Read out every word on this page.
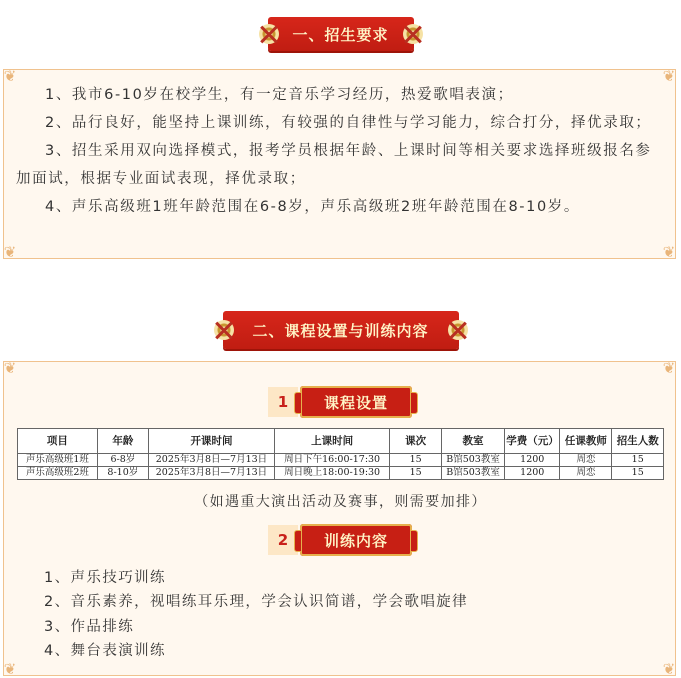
一、招生要求
❦	❦
❦	❦

1、我市6-10岁在校学生，有一定音乐学习经历，热爱歌唱表演；

2、品行良好，能坚持上课训练，有较强的自律性与学习能力，综合打分，择优录取；

3、招生采用双向选择模式，报考学员根据年龄、上课时间等相关要求选择班级报名参加面试，根据专业面试表现，择优录取；

4、声乐高级班1班年龄范围在6-8岁，声乐高级班2班年龄范围在8-10岁。

二、课程设置与训练内容
❦	❦
❦	❦
1	课程设置
项目	年龄	开课时间	上课时间	课次	教室	学费（元）	任课教师	招生人数
声乐高级班1班	6-8岁	2025年3月8日—7月13日	周日下午16:00-17:30	15	B馆503教室	1200	周恋	15
声乐高级班2班	8-10岁	2025年3月8日—7月13日	周日晚上18:00-19:30	15	B馆503教室	1200	周恋	15
（如遇重大演出活动及赛事，则需要加排）
2	训练内容
1、声乐技巧训练
2、音乐素养，视唱练耳乐理，学会认识简谱，学会歌唱旋律
3、作品排练
4、舞台表演训练
